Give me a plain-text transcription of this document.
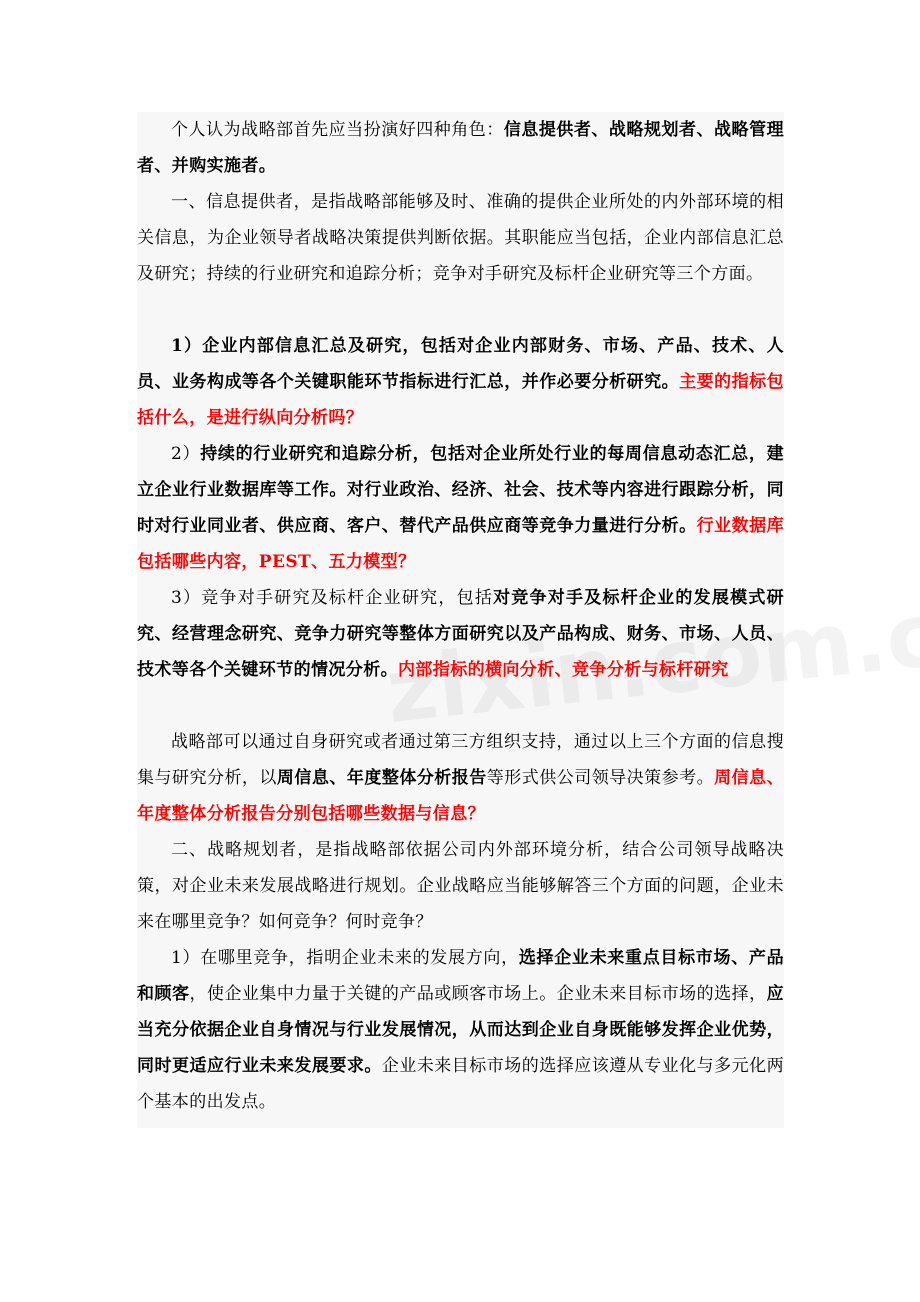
个人认为战略部首先应当扮演好四种角色：信息提供者、战略规划者、战略管理者、并购实施者。

一、信息提供者，是指战略部能够及时、准确的提供企业所处的内外部环境的相关信息，为企业领导者战略决策提供判断依据。其职能应当包括，企业内部信息汇总及研究；持续的行业研究和追踪分析；竞争对手研究及标杆企业研究等三个方面。

1）企业内部信息汇总及研究，包括对企业内部财务、市场、产品、技术、人员、业务构成等各个关键职能环节指标进行汇总，并作必要分析研究。主要的指标包括什么，是进行纵向分析吗？

2）持续的行业研究和追踪分析，包括对企业所处行业的每周信息动态汇总，建立企业行业数据库等工作。对行业政治、经济、社会、技术等内容进行跟踪分析，同时对行业同业者、供应商、客户、替代产品供应商等竞争力量进行分析。行业数据库包括哪些内容，PEST、五力模型？

3）竞争对手研究及标杆企业研究，包括对竞争对手及标杆企业的发展模式研究、经营理念研究、竞争力研究等整体方面研究以及产品构成、财务、市场、人员、技术等各个关键环节的情况分析。内部指标的横向分析、竞争分析与标杆研究

战略部可以通过自身研究或者通过第三方组织支持，通过以上三个方面的信息搜集与研究分析，以周信息、年度整体分析报告等形式供公司领导决策参考。周信息、年度整体分析报告分别包括哪些数据与信息？

二、战略规划者，是指战略部依据公司内外部环境分析，结合公司领导战略决策，对企业未来发展战略进行规划。企业战略应当能够解答三个方面的问题，企业未来在哪里竞争？如何竞争？何时竞争？

1）在哪里竞争，指明企业未来的发展方向，选择企业未来重点目标市场、产品和顾客，使企业集中力量于关键的产品或顾客市场上。企业未来目标市场的选择，应当充分依据企业自身情况与行业发展情况，从而达到企业自身既能够发挥企业优势，同时更适应行业未来发展要求。企业未来目标市场的选择应该遵从专业化与多元化两个基本的出发点。
